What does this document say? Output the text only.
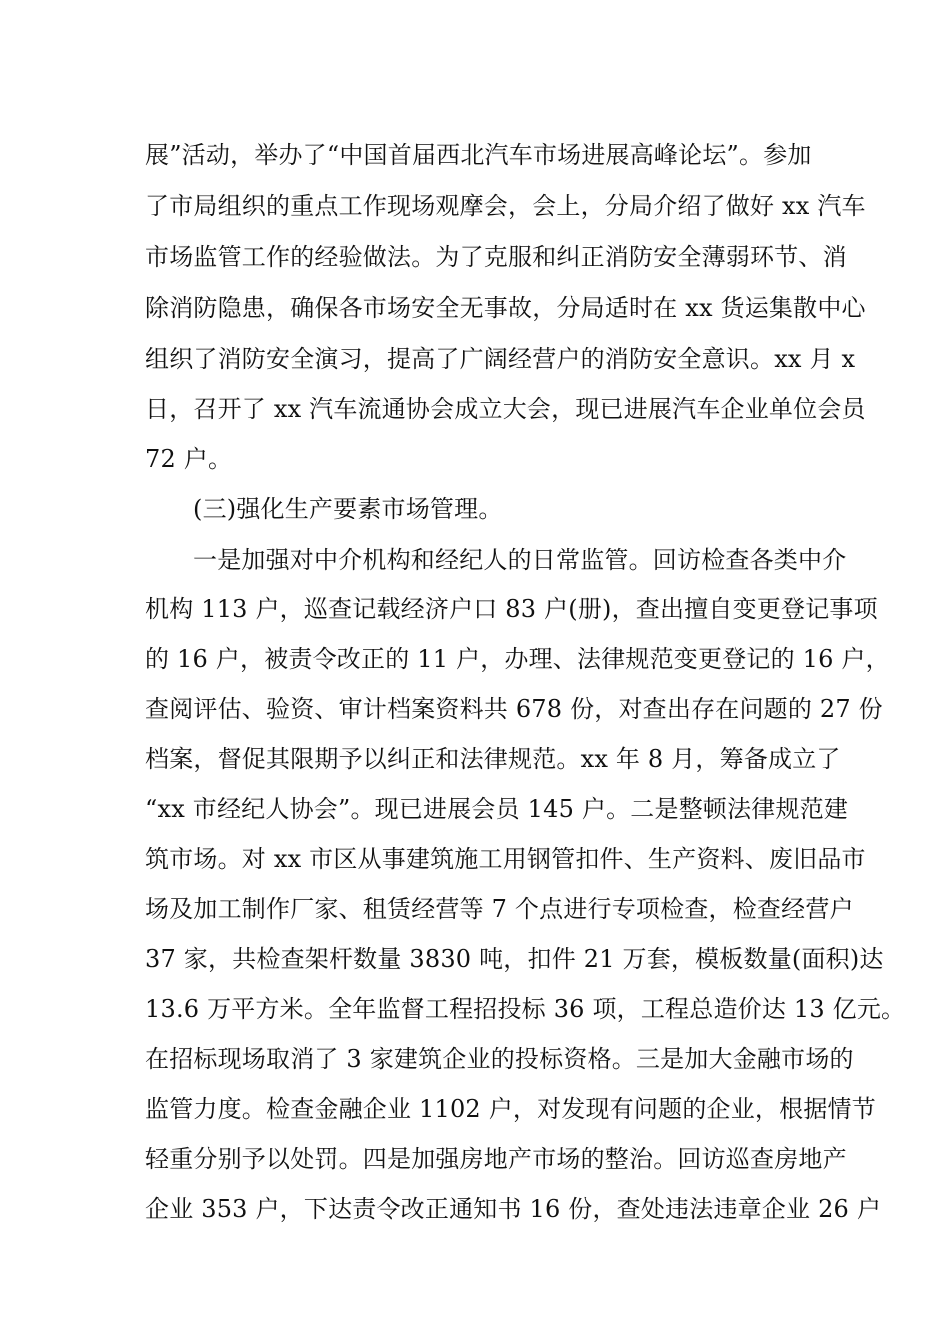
展”活动，举办了“中国首届西北汽车市场进展高峰论坛”。参加
了市局组织的重点工作现场观摩会，会上，分局介绍了做好 xx 汽车
市场监管工作的经验做法。为了克服和纠正消防安全薄弱环节、消
除消防隐患，确保各市场安全无事故，分局适时在 xx 货运集散中心
组织了消防安全演习，提高了广阔经营户的消防安全意识。xx 月 x
日，召开了 xx 汽车流通协会成立大会，现已进展汽车企业单位会员
72 户。
(三)强化生产要素市场管理。
一是加强对中介机构和经纪人的日常监管。回访检查各类中介
机构 113 户，巡查记载经济户口 83 户(册)，查出擅自变更登记事项
的 16 户，被责令改正的 11 户，办理、法律规范变更登记的 16 户，
查阅评估、验资、审计档案资料共 678 份，对查出存在问题的 27 份
档案，督促其限期予以纠正和法律规范。xx 年 8 月，筹备成立了
“xx 市经纪人协会”。现已进展会员 145 户。二是整顿法律规范建
筑市场。对 xx 市区从事建筑施工用钢管扣件、生产资料、废旧品市
场及加工制作厂家、租赁经营等 7 个点进行专项检查，检查经营户
37 家，共检查架杆数量 3830 吨，扣件 21 万套，模板数量(面积)达
13.6 万平方米。全年监督工程招投标 36 项，工程总造价达 13 亿元。
在招标现场取消了 3 家建筑企业的投标资格。三是加大金融市场的
监管力度。检查金融企业 1102 户，对发现有问题的企业，根据情节
轻重分别予以处罚。四是加强房地产市场的整治。回访巡查房地产
企业 353 户，下达责令改正通知书 16 份，查处违法违章企业 26 户
